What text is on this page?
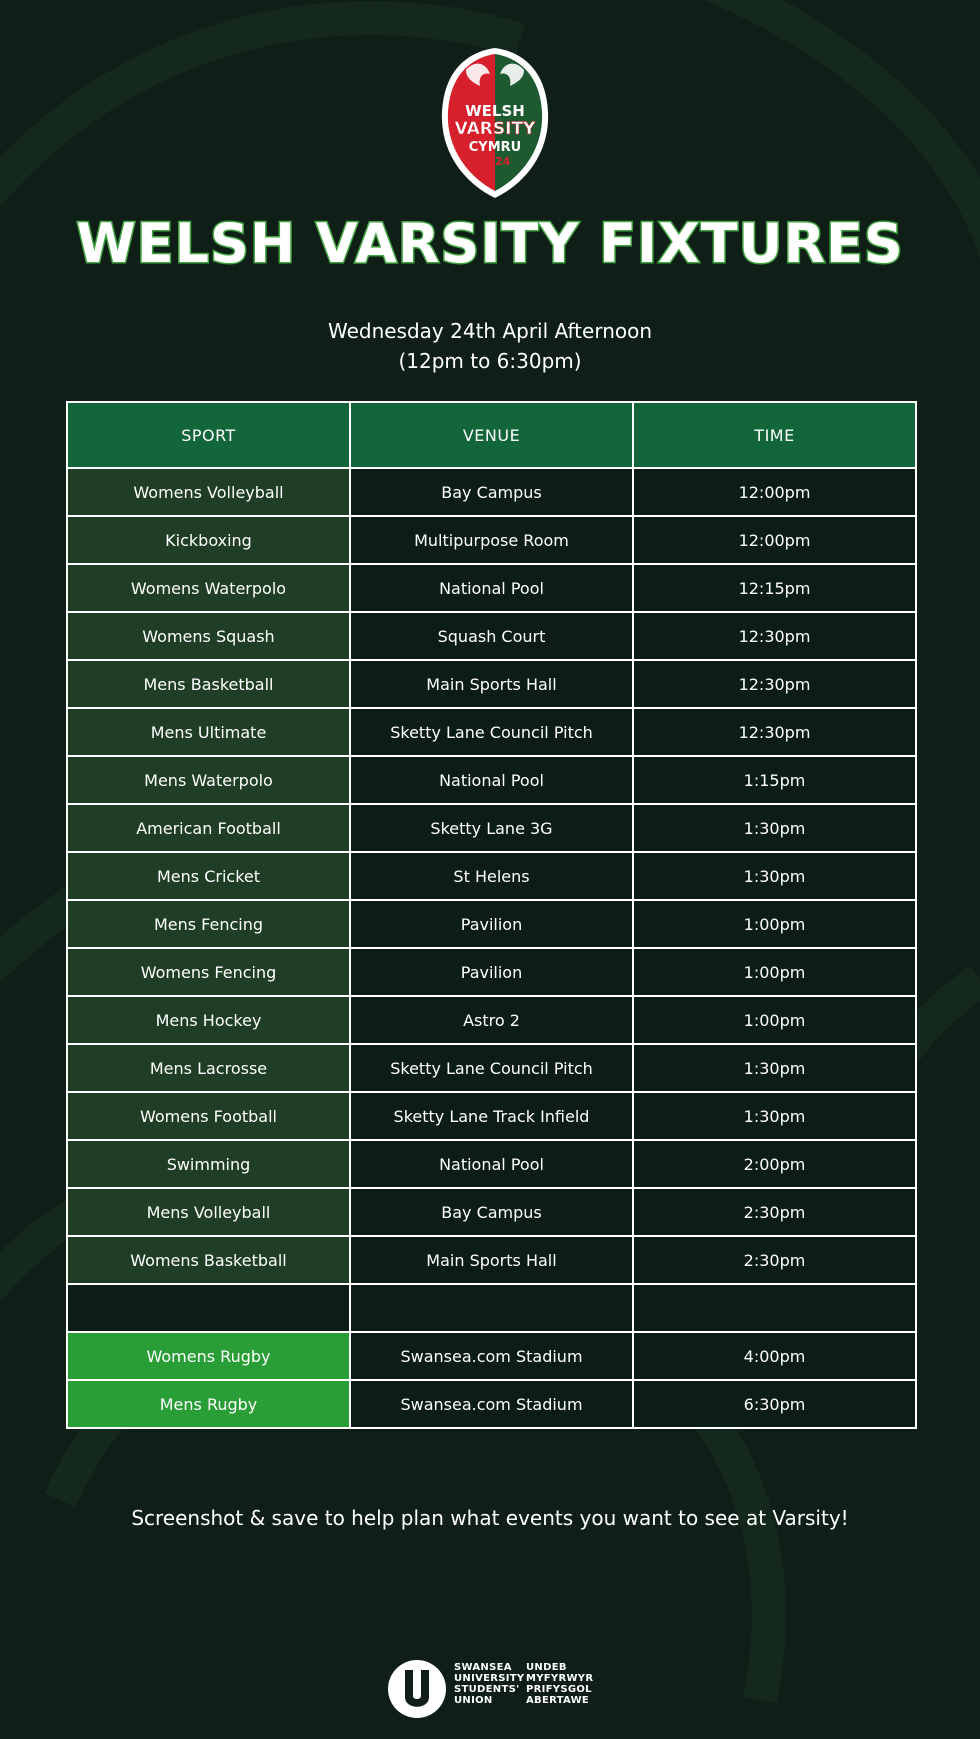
WELSH
VARSITY
CYMRU
2024
WELSH VARSITY FIXTURES
Wednesday 24th April Afternoon
(12pm to 6:30pm)
SPORT	VENUE	TIME
Womens Volleyball	Bay Campus	12:00pm
Kickboxing	Multipurpose Room	12:00pm
Womens Waterpolo	National Pool	12:15pm
Womens Squash	Squash Court	12:30pm
Mens Basketball	Main Sports Hall	12:30pm
Mens Ultimate	Sketty Lane Council Pitch	12:30pm
Mens Waterpolo	National Pool	1:15pm
American Football	Sketty Lane 3G	1:30pm
Mens Cricket	St Helens	1:30pm
Mens Fencing	Pavilion	1:00pm
Womens Fencing	Pavilion	1:00pm
Mens Hockey	Astro 2	1:00pm
Mens Lacrosse	Sketty Lane Council Pitch	1:30pm
Womens Football	Sketty Lane Track Infield	1:30pm
Swimming	National Pool	2:00pm
Mens Volleyball	Bay Campus	2:30pm
Womens Basketball	Main Sports Hall	2:30pm

Womens Rugby	Swansea.com Stadium	4:00pm
Mens Rugby	Swansea.com Stadium	6:30pm
Screenshot & save to help plan what events you want to see at Varsity!
SWANSEA
UNIVERSITY
STUDENTS'
UNION
UNDEB
MYFYRWYR
PRIFYSGOL
ABERTAWE
